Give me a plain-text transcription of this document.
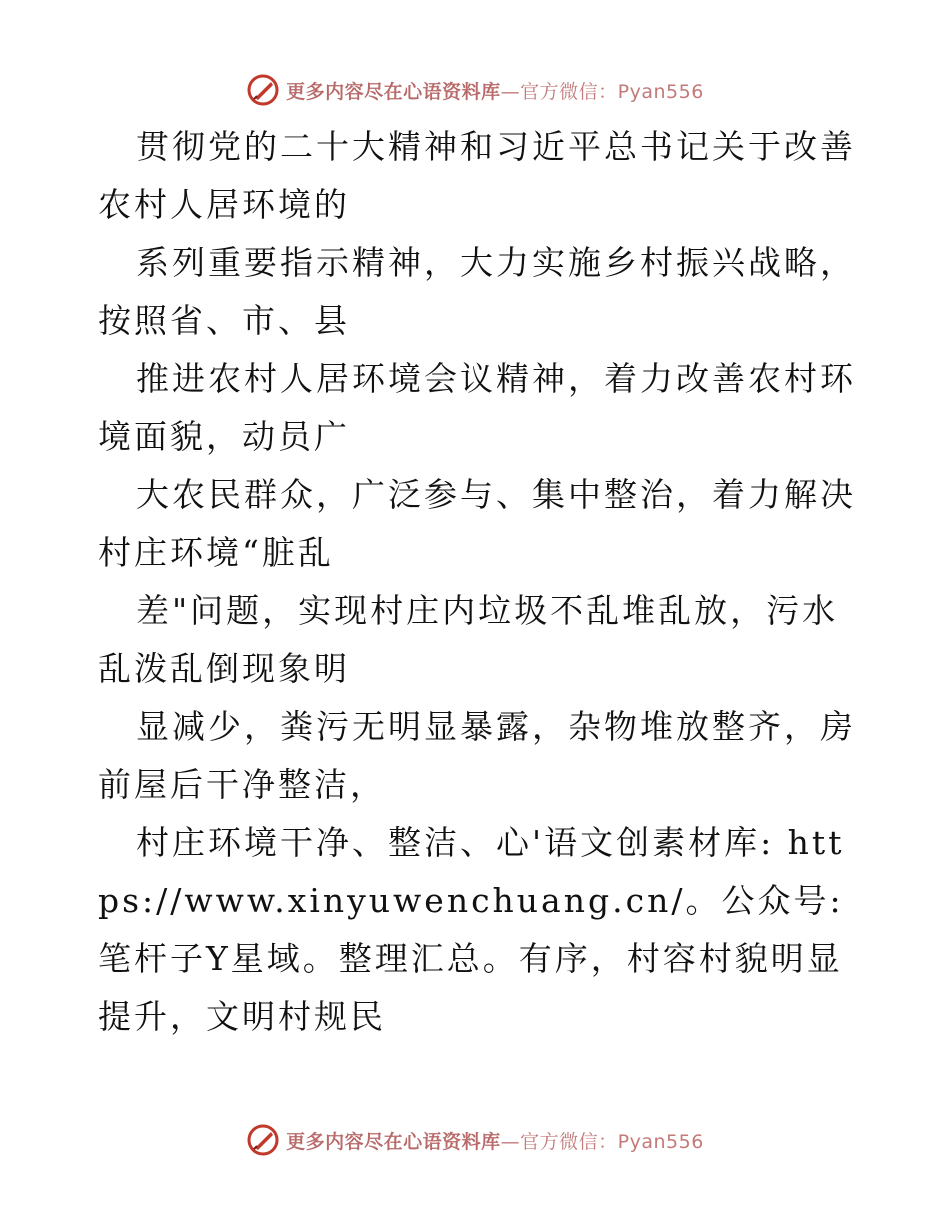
更多内容尽在心语资料库—官方微信：Pyan556

贯彻党的二十大精神和习近平总书记关于改善农村人居环境的

系列重要指示精神，大力实施乡村振兴战略，按照省、市、县

推进农村人居环境会议精神，着力改善农村环境面貌，动员广

大农民群众，广泛参与、集中整治，着力解决村庄环境“脏乱

差"问题，实现村庄内垃圾不乱堆乱放，污水乱泼乱倒现象明

显减少，粪污无明显暴露，杂物堆放整齐，房前屋后干净整洁，

村庄环境干净、整洁、心'语文创素材库: https://www.xinyuwenchuang.cn/。公众号: 笔杆子Y星域。整理汇总。有序，村容村貌明显提升，文明村规民

更多内容尽在心语资料库—官方微信：Pyan556
